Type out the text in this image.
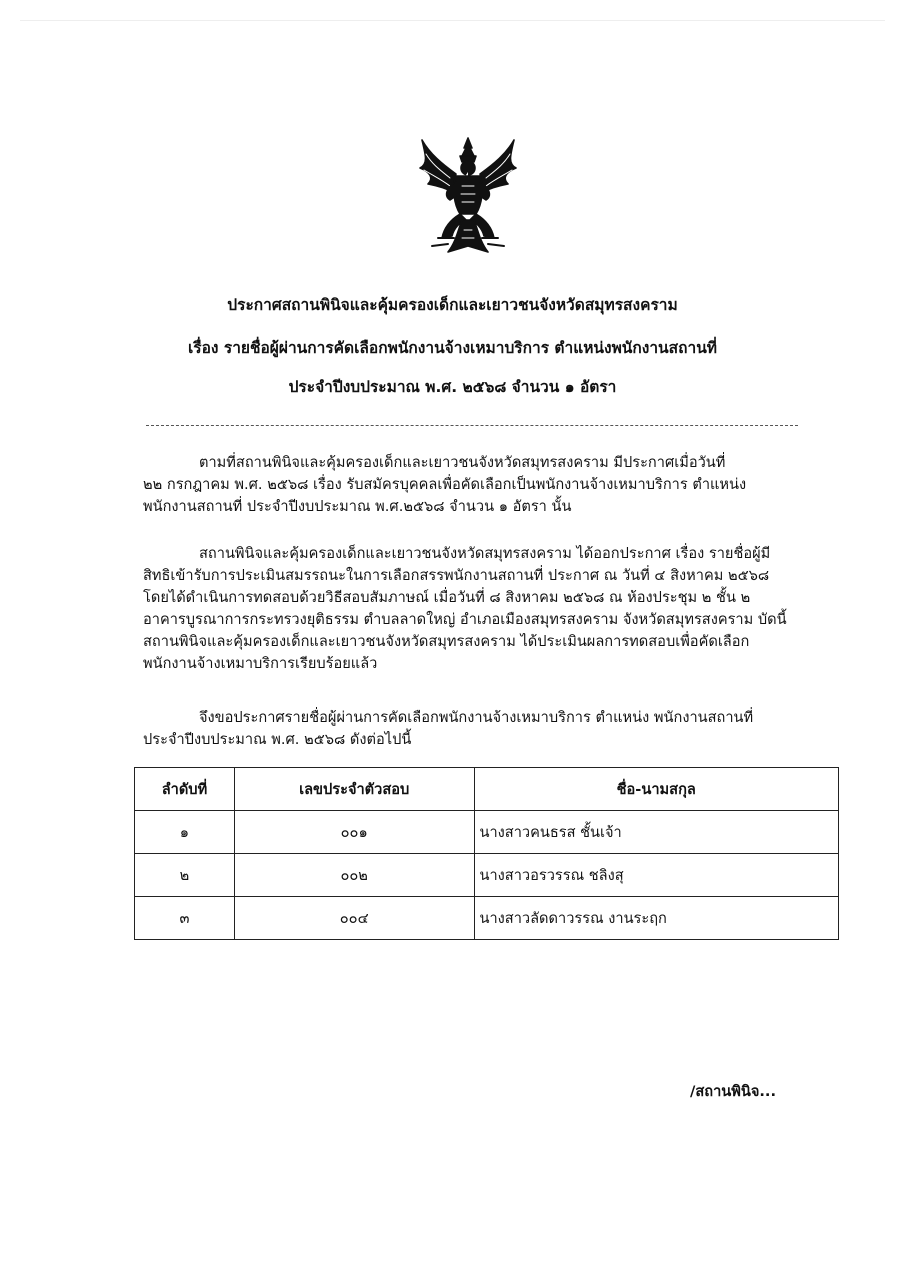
ประกาศสถานพินิจและคุ้มครองเด็กและเยาวชนจังหวัดสมุทรสงคราม
เรื่อง รายชื่อผู้ผ่านการคัดเลือกพนักงานจ้างเหมาบริการ ตำแหน่งพนักงานสถานที่
ประจำปีงบประมาณ พ.ศ. ๒๕๖๘ จำนวน ๑ อัตรา

ตามที่สถานพินิจและคุ้มครองเด็กและเยาวชนจังหวัดสมุทรสงคราม มีประกาศเมื่อวันที่
๒๒ กรกฎาคม พ.ศ. ๒๕๖๘ เรื่อง รับสมัครบุคคลเพื่อคัดเลือกเป็นพนักงานจ้างเหมาบริการ ตำแหน่ง
พนักงานสถานที่ ประจำปีงบประมาณ พ.ศ.๒๕๖๘ จำนวน ๑ อัตรา นั้น

สถานพินิจและคุ้มครองเด็กและเยาวชนจังหวัดสมุทรสงคราม ได้ออกประกาศ เรื่อง รายชื่อผู้มี
สิทธิเข้ารับการประเมินสมรรถนะในการเลือกสรรพนักงานสถานที่ ประกาศ ณ วันที่ ๔ สิงหาคม ๒๕๖๘
โดยได้ดำเนินการทดสอบด้วยวิธีสอบสัมภาษณ์ เมื่อวันที่ ๘ สิงหาคม ๒๕๖๘ ณ ห้องประชุม ๒ ชั้น ๒
อาคารบูรณาการกระทรวงยุติธรรม ตำบลลาดใหญ่ อำเภอเมืองสมุทรสงคราม จังหวัดสมุทรสงคราม บัดนี้
สถานพินิจและคุ้มครองเด็กและเยาวชนจังหวัดสมุทรสงคราม ได้ประเมินผลการทดสอบเพื่อคัดเลือก
พนักงานจ้างเหมาบริการเรียบร้อยแล้ว

จึงขอประกาศรายชื่อผู้ผ่านการคัดเลือกพนักงานจ้างเหมาบริการ ตำแหน่ง พนักงานสถานที่
ประจำปีงบประมาณ พ.ศ. ๒๕๖๘ ดังต่อไปนี้

ลำดับที่	เลขประจำตัวสอบ	ชื่อ-นามสกุล
๑	๐๐๑	นางสาวคนธรส ชั้นเจ้า
๒	๐๐๒	นางสาวอรวรรณ ชลิงสุ
๓	๐๐๔	นางสาวลัดดาวรรณ งานระฤก
/สถานพินิจ...
